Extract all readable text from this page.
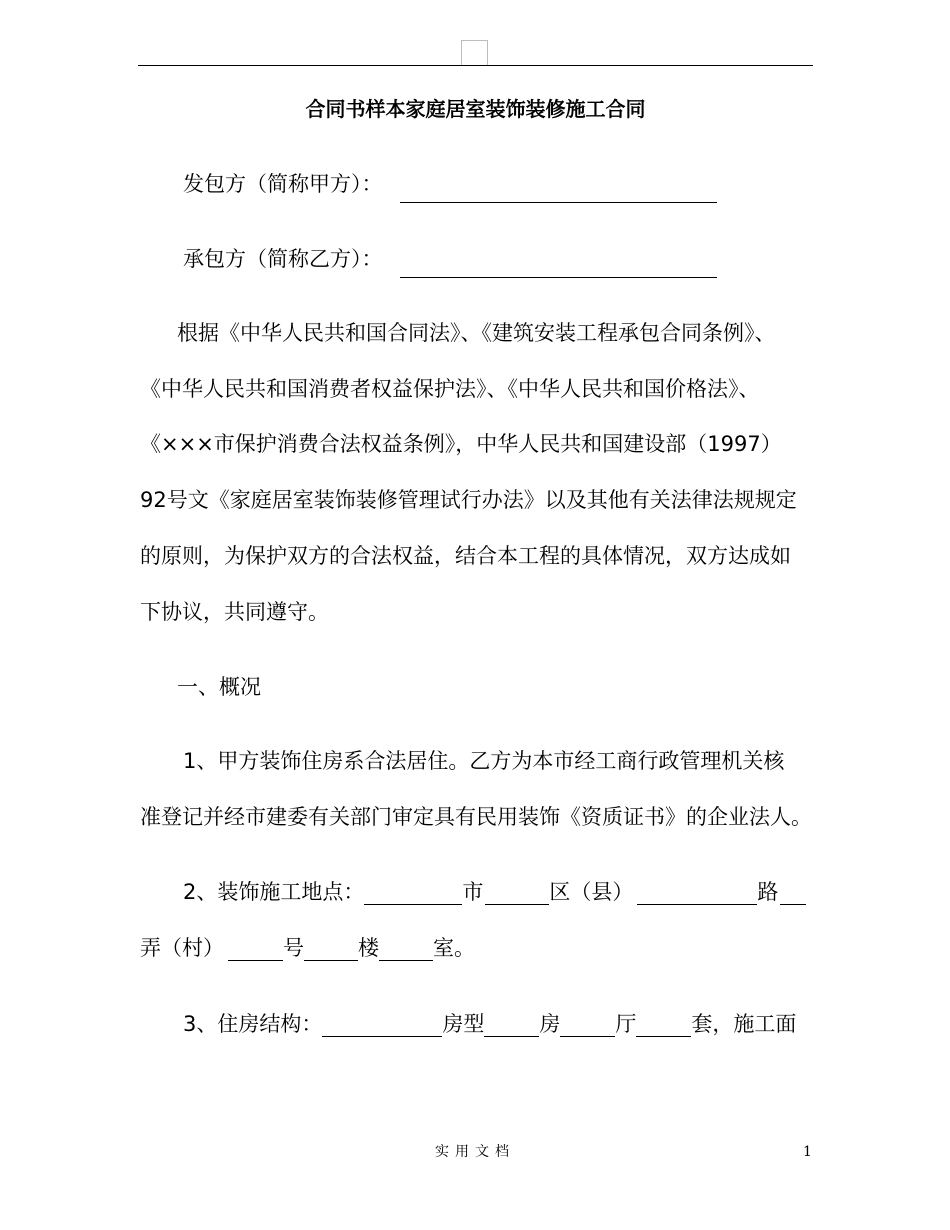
合同书样本家庭居室装饰装修施工合同
发包方（简称甲方）：
承包方（简称乙方）：
根据《中华人民共和国合同法》、《建筑安装工程承包合同条例》、
《中华人民共和国消费者权益保护法》、《中华人民共和国价格法》、
《×××市保护消费合法权益条例》，中华人民共和国建设部（1997）
92号文《家庭居室装饰装修管理试行办法》以及其他有关法律法规规定
的原则，为保护双方的合法权益，结合本工程的具体情况，双方达成如
下协议，共同遵守。
一、概况
1、甲方装饰住房系合法居住。乙方为本市经工商行政管理机关核
准登记并经市建委有关部门审定具有民用装饰《资质证书》的企业法人。
2、装饰施工地点：	市	区（县）	路
弄（村）	号	楼	室。
3、住房结构：	房型	房	厅	套，施工面
实用文档	1
